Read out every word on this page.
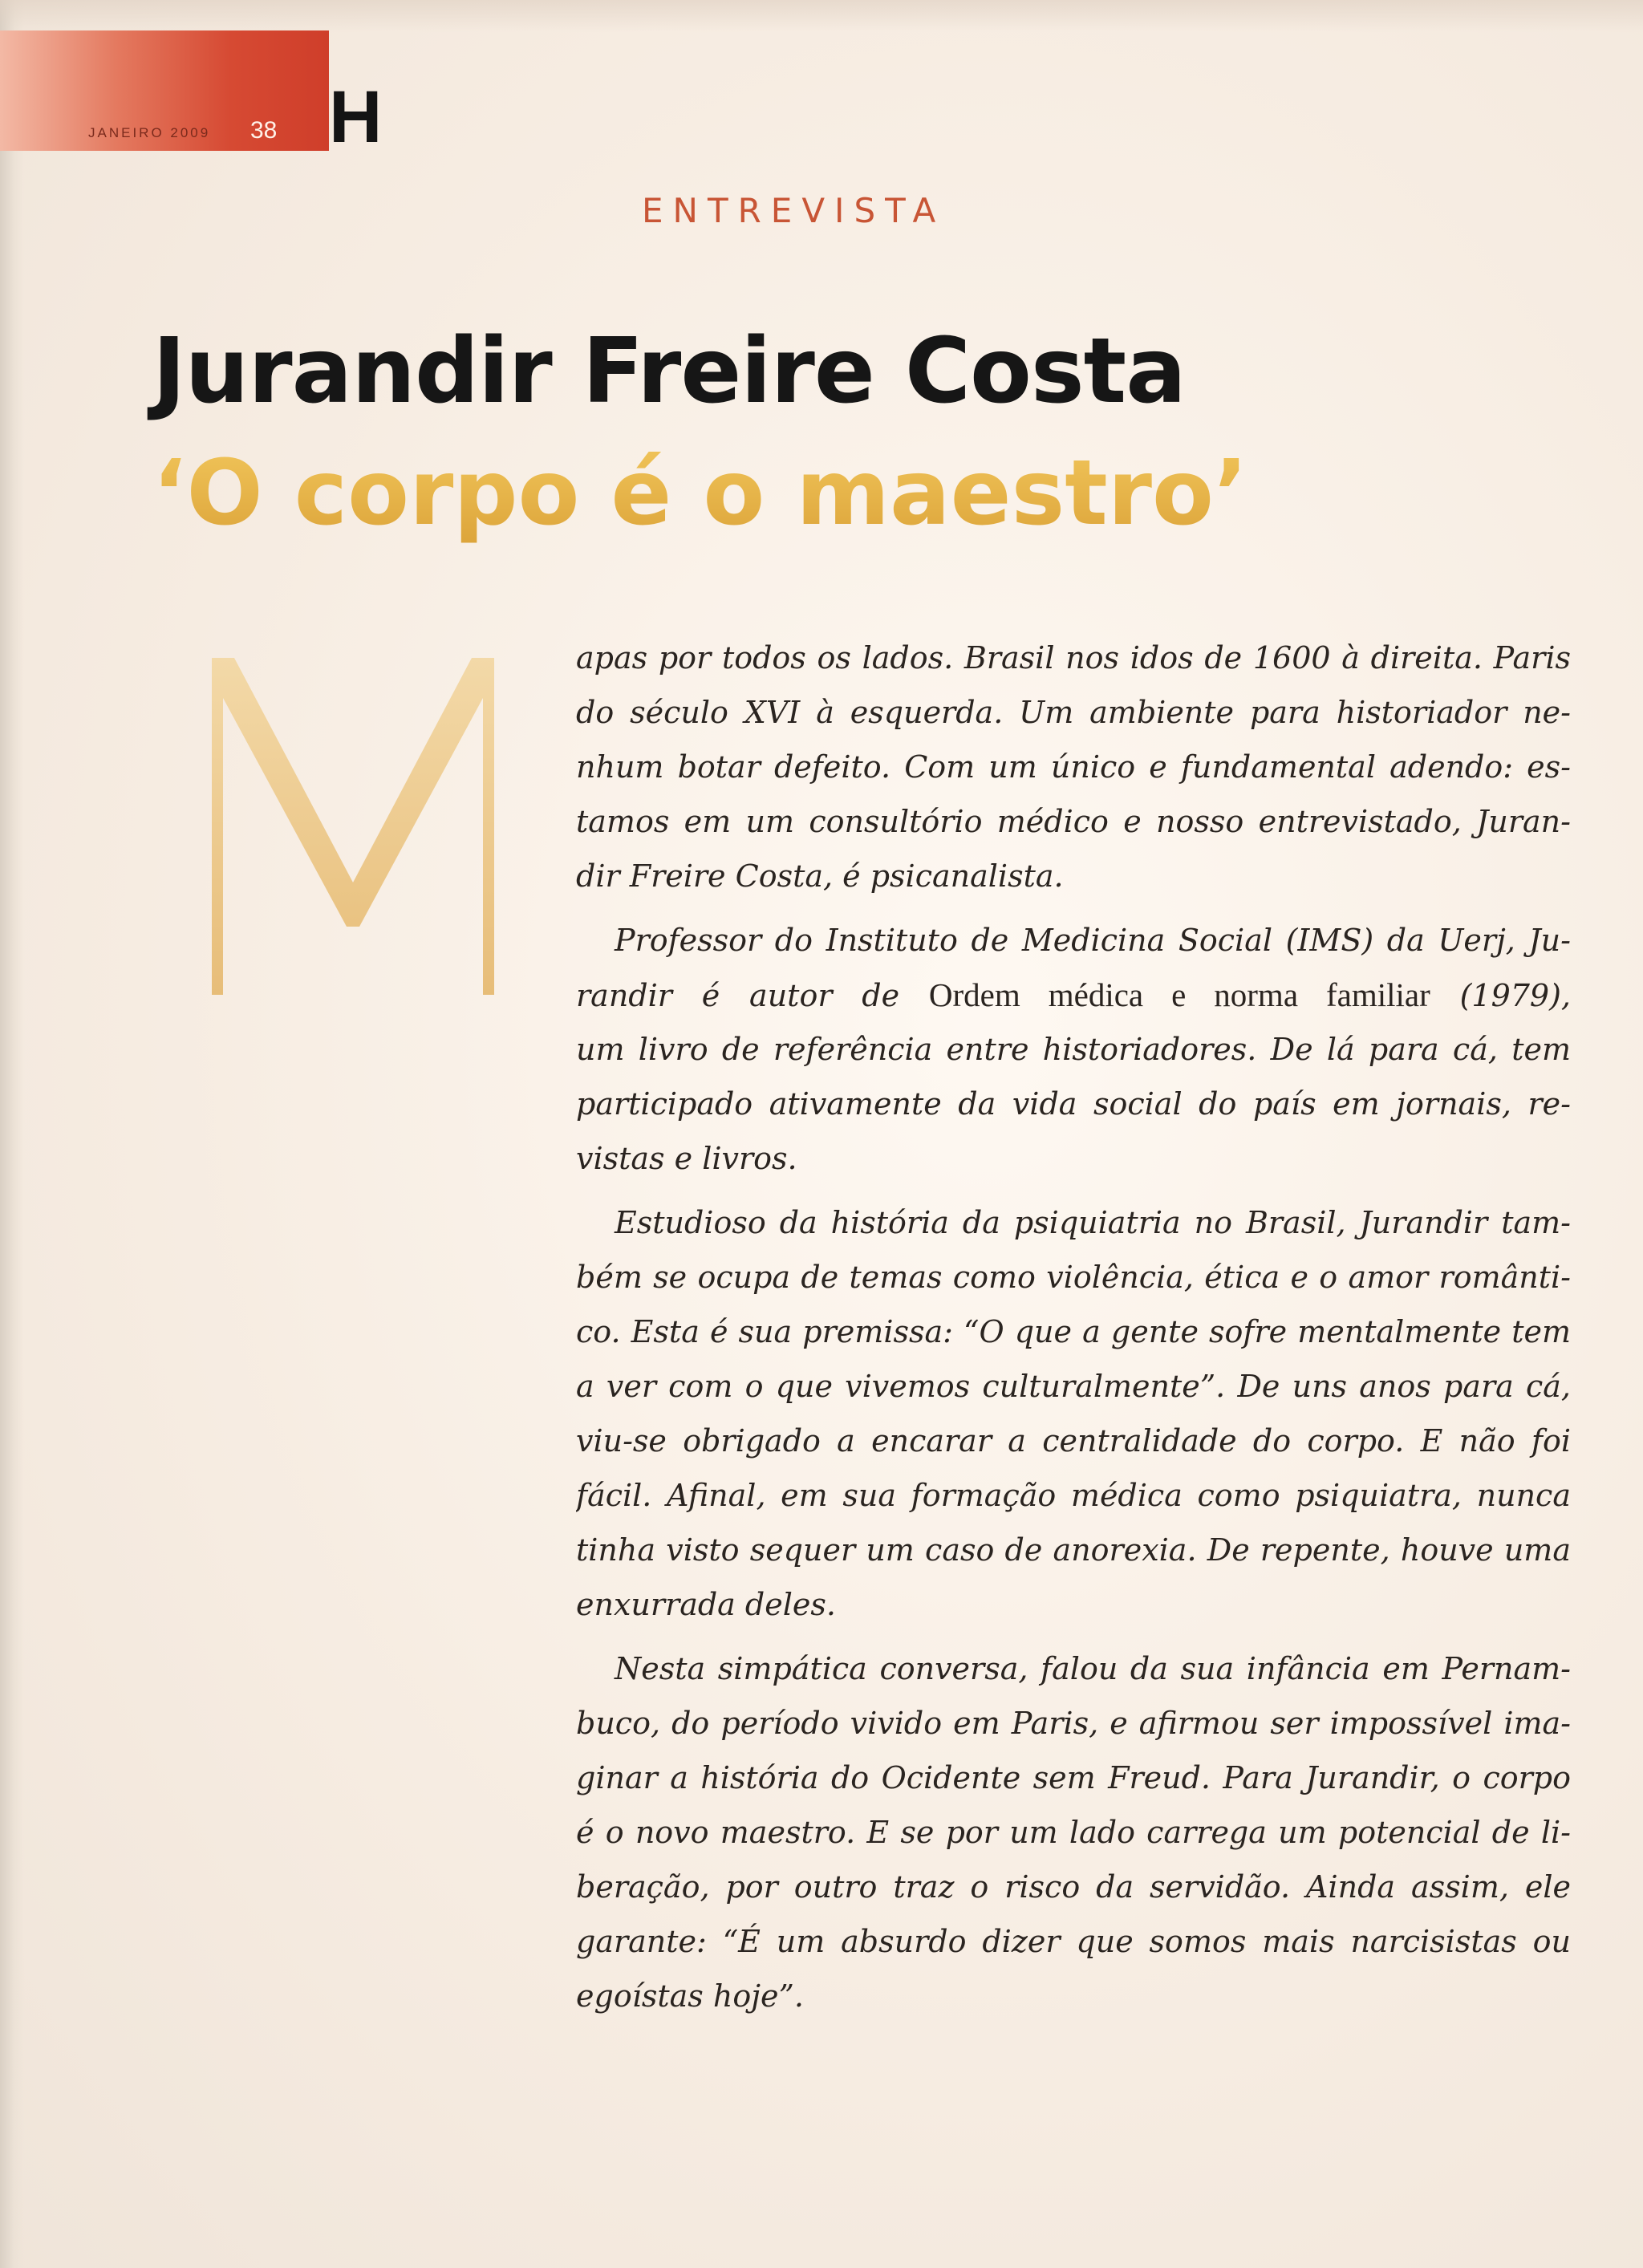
JANEIRO 2009 38 H
ENTREVISTA
Jurandir Freire Costa
‘O corpo é o maestro’
apas por todos os lados. Brasil nos idos de 1600 à direita. Paris
do século XVI à esquerda. Um ambiente para historiador ne-
nhum botar defeito. Com um único e fundamental adendo: es-
tamos em um consultório médico e nosso entrevistado, Juran-
dir Freire Costa, é psicanalista.
Professor do Instituto de Medicina Social (IMS) da Uerj, Ju-
randir é autor de Ordem médica e norma familiar (1979),
um livro de referência entre historiadores. De lá para cá, tem
participado ativamente da vida social do país em jornais, re-
vistas e livros.
Estudioso da história da psiquiatria no Brasil, Jurandir tam-
bém se ocupa de temas como violência, ética e o amor românti-
co. Esta é sua premissa: “O que a gente sofre mentalmente tem
a ver com o que vivemos culturalmente”. De uns anos para cá,
viu-se obrigado a encarar a centralidade do corpo. E não foi
fácil. Afinal, em sua formação médica como psiquiatra, nunca
tinha visto sequer um caso de anorexia. De repente, houve uma
enxurrada deles.
Nesta simpática conversa, falou da sua infância em Pernam-
buco, do período vivido em Paris, e afirmou ser impossível ima-
ginar a história do Ocidente sem Freud. Para Jurandir, o corpo
é o novo maestro. E se por um lado carrega um potencial de li-
beração, por outro traz o risco da servidão. Ainda assim, ele
garante: “É um absurdo dizer que somos mais narcisistas ou
egoístas hoje”.
